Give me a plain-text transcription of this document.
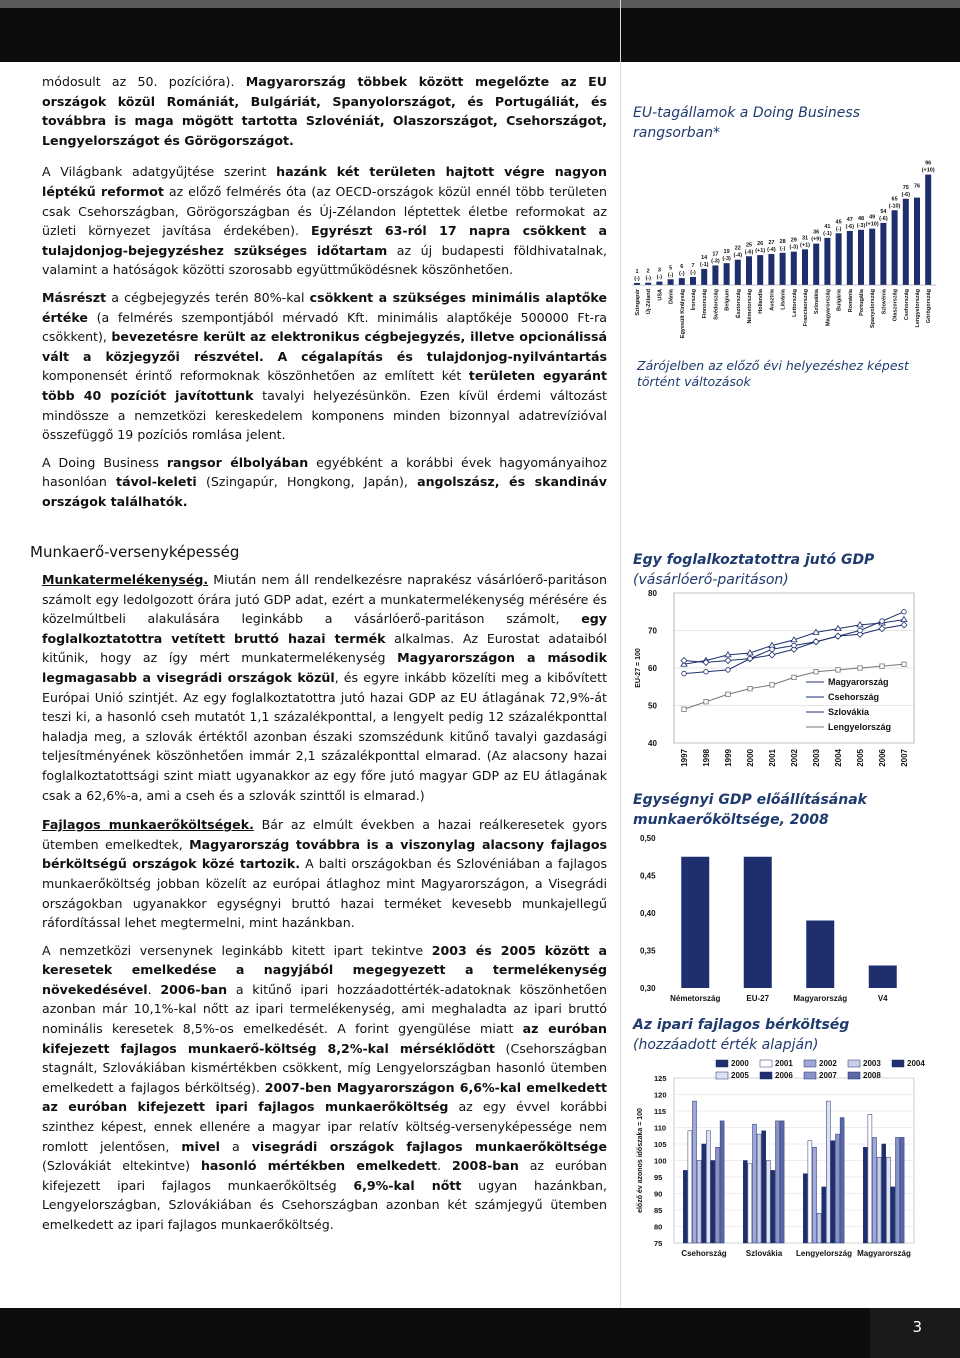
módosult az 50. pozícióra). Magyarország többek között megelőzte az EU országok közül Romániát, Bulgáriát, Spanyolországot, és Portugáliát, és továbbra is maga mögött tartotta Szlovéniát, Olaszországot, Csehországot, Lengyelországot és Görögországot.

A Világbank adatgyűjtése szerint hazánk két területen hajtott végre nagyon léptékű reformot az előző felmérés óta (az OECD-országok közül ennél több területen csak Csehországban, Görögországban és Új-Zélandon léptettek életbe reformokat az üzleti környezet javítása érdekében). Egyrészt 63-ról 17 napra csökkent a tulajdonjog-bejegyzéshez szükséges időtartam az új budapesti földhivatalnak, valamint a hatóságok közötti szorosabb együttműködésnek köszönhetően.

Másrészt a cégbejegyzés terén 80%-kal csökkent a szükséges minimális alaptőke értéke (a felmérés szempontjából mérvadó Kft. minimális alaptőkéje 500000 Ft-ra csökkent), bevezetésre került az elektronikus cégbejegyzés, illetve opcionálissá vált a közjegyzői részvétel. A cégalapítás és tulajdonjog-nyilvántartás komponensét érintő reformoknak köszönhetően az említett két területen egyaránt több 40 pozíciót javítottunk tavalyi helyezésünkön. Ezen kívül érdemi változást mindössze a nemzetközi kereskedelem komponens minden bizonnyal adatrevízióval összefüggő 19 pozíciós romlása jelent.

A Doing Business rangsor élbolyában egyébként a korábbi évek hagyományaihoz hasonlóan távol-keleti (Szingapúr, Hongkong, Japán), angolszász, és skandináv országok találhatók.

Munkaerő-versenyképesség

Munkatermelékenység. Miután nem áll rendelkezésre naprakész vásárlóerő-paritáson számolt egy ledolgozott órára jutó GDP adat, ezért a munkatermelékenység mérésére és közelmúltbeli alakulására leginkább a vásárlóerő-paritáson számolt, egy foglalkoztatottra vetített bruttó hazai termék alkalmas. Az Eurostat adataiból kitűnik, hogy az így mért munkatermelékenység Magyarországon a második legmagasabb a visegrádi országok közül, és egyre inkább közelíti meg a kibővített Európai Unió szintjét. Az egy foglalkoztatottra jutó hazai GDP az EU átlagának 72,9%-át teszi ki, a hasonló cseh mutatót 1,1 százalékponttal, a lengyelt pedig 12 százalékponttal haladja meg, a szlovák értéktől azonban északi szomszédunk kitűnő tavalyi gazdasági teljesítményének köszönhetően immár 2,1 százalékponttal elmarad. (Az alacsony hazai foglalkoztatottsági szint miatt ugyanakkor az egy főre jutó magyar GDP az EU átlagának csak a 62,6%-a, ami a cseh és a szlovák szinttől is elmarad.)

Fajlagos munkaerőköltségek. Bár az elmúlt években a hazai reálkeresetek gyors ütemben emelkedtek, Magyarország továbbra is a viszonylag alacsony fajlagos bérköltségű országok közé tartozik. A balti országokban és Szlovéniában a fajlagos munkaerőköltség jobban közelít az európai átlaghoz mint Magyarországon, a Visegrádi országokban ugyanakkor egységnyi bruttó hazai terméket kevesebb munkajellegű ráfordítással lehet megtermelni, mint hazánkban.

A nemzetközi versenynek leginkább kitett ipart tekintve 2003 és 2005 között a keresetek emelkedése a nagyjából megegyezett a termelékenység növekedésével. 2006-ban a kitűnő ipari hozzáadottérték-adatoknak köszönhetően azonban már 10,1%-kal nőtt az ipari termelékenység, ami meghaladta az ipari bruttó nominális keresetek 8,5%-os emelkedését. A forint gyengülése miatt az euróban kifejezett fajlagos munkaerő-költség 8,2%-kal mérséklődött (Csehországban stagnált, Szlovákiában kismértékben csökkent, míg Lengyelországban hasonló ütemben emelkedett a fajlagos bérköltség). 2007-ben Magyarországon 6,6%-kal emelkedett az euróban kifejezett ipari fajlagos munkaerőköltség az egy évvel korábbi szinthez képest, ennek ellenére a magyar ipar relatív költség-versenyképessége nem romlott jelentősen, mivel a visegrádi országok fajlagos munkaerőköltsége (Szlovákiát eltekintve) hasonló mértékben emelkedett. 2008-ban az euróban kifejezett ipari fajlagos munkaerőköltség 6,9%-kal nőtt ugyan hazánkban, Lengyelországban, Szlovákiában és Csehországban azonban két számjegyű ütemben emelkedett az ipari fajlagos munkaerőköltség.

EU-tagállamok a Doing Business rangsorban*
1
(-)
Szingapúr
2
(-)
Új-Zéland
3
(-)
USA
5
(-)
Dánia
6
(-)
Egyesült Királyság
7
(-)
Írország
14
(-1)
Finnország
17
(-3)
Svédország
19
(-3)
Belgium
22
(-4)
Észtország
25
(-6)
Németország
26
(+1)
Hollandia
27
(-4)
Ausztria
28
(-)
Litvánia
29
(-3)
Lettország
31
(+1)
Franciaország
36
(+9)
Szlovákia
41
(-1)
Magyarország
45
(-)
Bulgária
47
(-6)
Románia
48
(-3)
Portugália
49
(+10)
Spanyolország
54
(-6)
Szlovénia
65
(-10)
Olaszország
75
(-6)
Csehország
76
Lengyelország
96
(+10)
Görögország
Zárójelben az előző évi helyezéshez képest történt változások
Egy foglalkoztatottra jutó GDP
(vásárlóerő-paritáson)
40
50
60
70
80
1997 1998 1999 2000 2001 2002 2003 2004 2005 2006 2007
EU-27 = 100	Magyarország
Csehország
Szlovákia
Lengyelország
Egységnyi GDP előállításának munkaerőköltsége, 2008
0,30
0,35
0,40
0,45
0,50
Németország	EU-27	Magyarország	V4
Az ipari fajlagos bérköltség
(hozzáadott érték alapján)
75
80
85
90
95
100
105
110
115
120
125
előző év azonos időszaka = 100
Csehország Szlovákia Lengyelország Magyarország
2000	2001	2002	2003	2004
2005	2006	2007	2008
3
